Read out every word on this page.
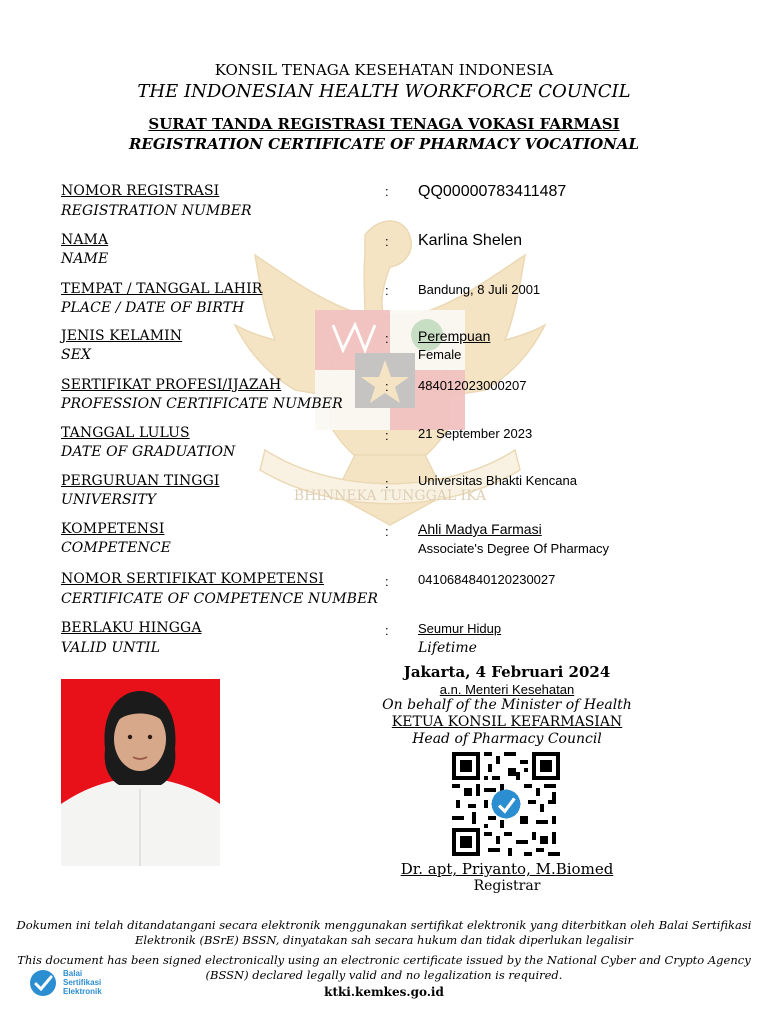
BHINNEKA TUNGGAL IKA
KONSIL TENAGA KESEHATAN INDONESIA
THE INDONESIAN HEALTH WORKFORCE COUNCIL
SURAT TANDA REGISTRASI TENAGA VOKASI FARMASI
REGISTRATION CERTIFICATE OF PHARMACY VOCATIONAL
NOMOR REGISTRASI
REGISTRATION NUMBER
: QQ00000783411487
NAMA
NAME
: Karlina Shelen
TEMPAT / TANGGAL LAHIR
PLACE / DATE OF BIRTH
: Bandung, 8 Juli 2001
JENIS KELAMIN
SEX
: Perempuan
Female
SERTIFIKAT PROFESI/IJAZAH
PROFESSION CERTIFICATE NUMBER
: 484012023000207
TANGGAL LULUS
DATE OF GRADUATION
: 21 September 2023
PERGURUAN TINGGI
UNIVERSITY
: Universitas Bhakti Kencana
KOMPETENSI
COMPETENCE
: Ahli Madya Farmasi
Associate's Degree Of Pharmacy
NOMOR SERTIFIKAT KOMPETENSI
CERTIFICATE OF COMPETENCE NUMBER
: 0410684840120230027
BERLAKU HINGGA
VALID UNTIL
: Seumur Hidup
Lifetime
Jakarta, 4 Februari 2024
a.n. Menteri Kesehatan
On behalf of the Minister of Health
KETUA KONSIL KEFARMASIAN
Head of Pharmacy Council
Dr. apt, Priyanto, M.Biomed
Registrar
Dokumen ini telah ditandatangani secara elektronik menggunakan sertifikat elektronik yang diterbitkan oleh Balai Sertifikasi Elektronik (BSrE) BSSN, dinyatakan sah secara hukum dan tidak diperlukan legalisir
This document has been signed electronically using an electronic certificate issued by the National Cyber and Crypto Agency (BSSN) declared legally valid and no legalization is required.
Balai Sertifikasi Elektronik	ktki.kemkes.go.id
